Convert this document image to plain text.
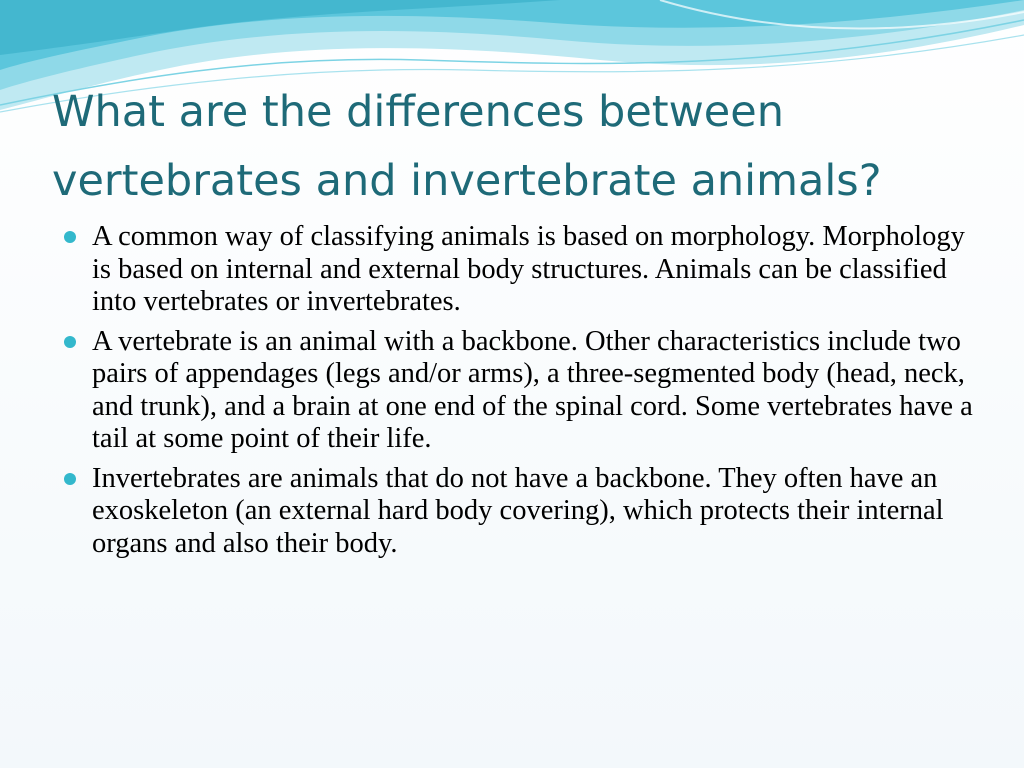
What are the differences between vertebrates and invertebrate animals?
A common way of classifying animals is based on morphology. Morphology is based on internal and external body structures. Animals can be classified into vertebrates or invertebrates.
A vertebrate is an animal with a backbone. Other characteristics include two pairs of appendages (legs and/or arms), a three-segmented body (head, neck, and trunk), and a brain at one end of the spinal cord. Some vertebrates have a tail at some point of their life.
Invertebrates are animals that do not have a backbone. They often have an exoskeleton (an external hard body covering), which protects their internal organs and also their body.
